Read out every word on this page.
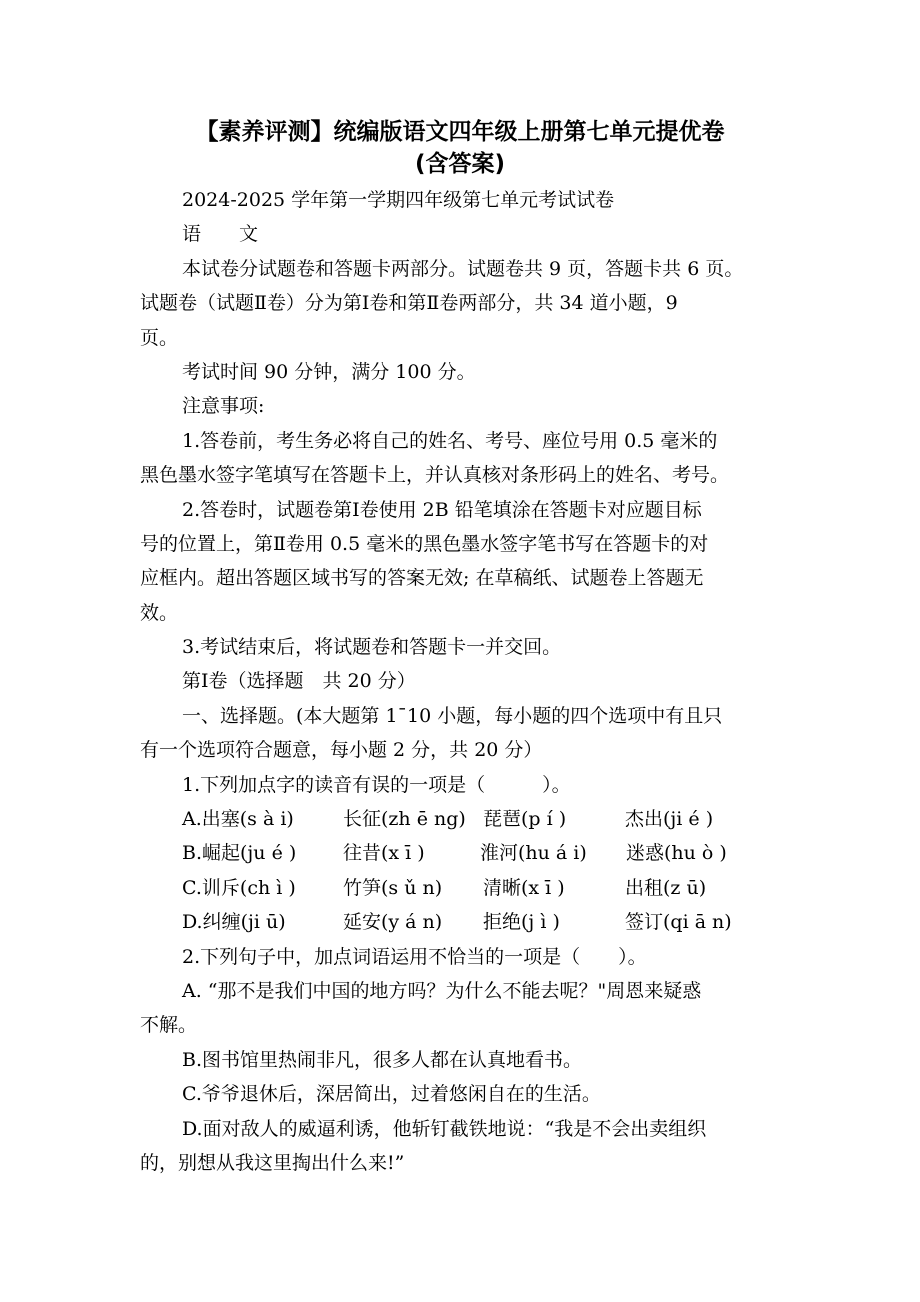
【素养评测】统编版语文四年级上册第七单元提优卷
(含答案)
2024-2025 学年第一学期四年级第七单元考试试卷
语　　文
本试卷分试题卷和答题卡两部分。试题卷共 9 页，答题卡共 6 页。
试题卷（试题Ⅱ卷）分为第Ⅰ卷和第Ⅱ卷两部分，共 34 道小题，9
页。
考试时间 90 分钟，满分 100 分。
注意事项:
1.答卷前，考生务必将自己的姓名、考号、座位号用 0.5 毫米的
黑色墨水签字笔填写在答题卡上，并认真核对条形码上的姓名、考号。
2.答卷时，试题卷第Ⅰ卷使用 2B 铅笔填涂在答题卡对应题目标
号的位置上，第Ⅱ卷用 0.5 毫米的黑色墨水签字笔书写在答题卡的对
应框内。超出答题区域书写的答案无效; 在草稿纸、试题卷上答题无
效。
3.考试结束后，将试题卷和答题卡一并交回。
第Ⅰ卷（选择题　共 20 分）
一、选择题。(本大题第 1¯10 小题，每小题的四个选项中有且只
有一个选项符合题意，每小题 2 分，共 20 分）
1.下列加点字的读音有误的一项是（　　　）。
A.出塞(s à i)	长征(zh ē ng) 琵琶(p í )	杰出(ji é )
B.崛起(ju é ) 往昔(x ī )	淮河(hu á i) 迷惑(hu ò )
C.训斥(ch ì ) 竹笋(s ǔ n) 清晰(x ī )	出租(z ū)
D.纠缠(ji ū)	延安(y á n) 拒绝(j ì )	签订(qi ā n)
2.下列句子中，加点词语运用不恰当的一项是（　　）。
A. “那不是我们中国的地方吗？为什么不能去呢？"周恩来疑惑
不解。
B.图书馆里热闹非凡，很多人都在认真地看书。
C.爷爷退休后，深居简出，过着悠闲自在的生活。
D.面对敌人的威逼利诱，他斩钉截铁地说：“我是不会出卖组织
的，别想从我这里掏出什么来!”
